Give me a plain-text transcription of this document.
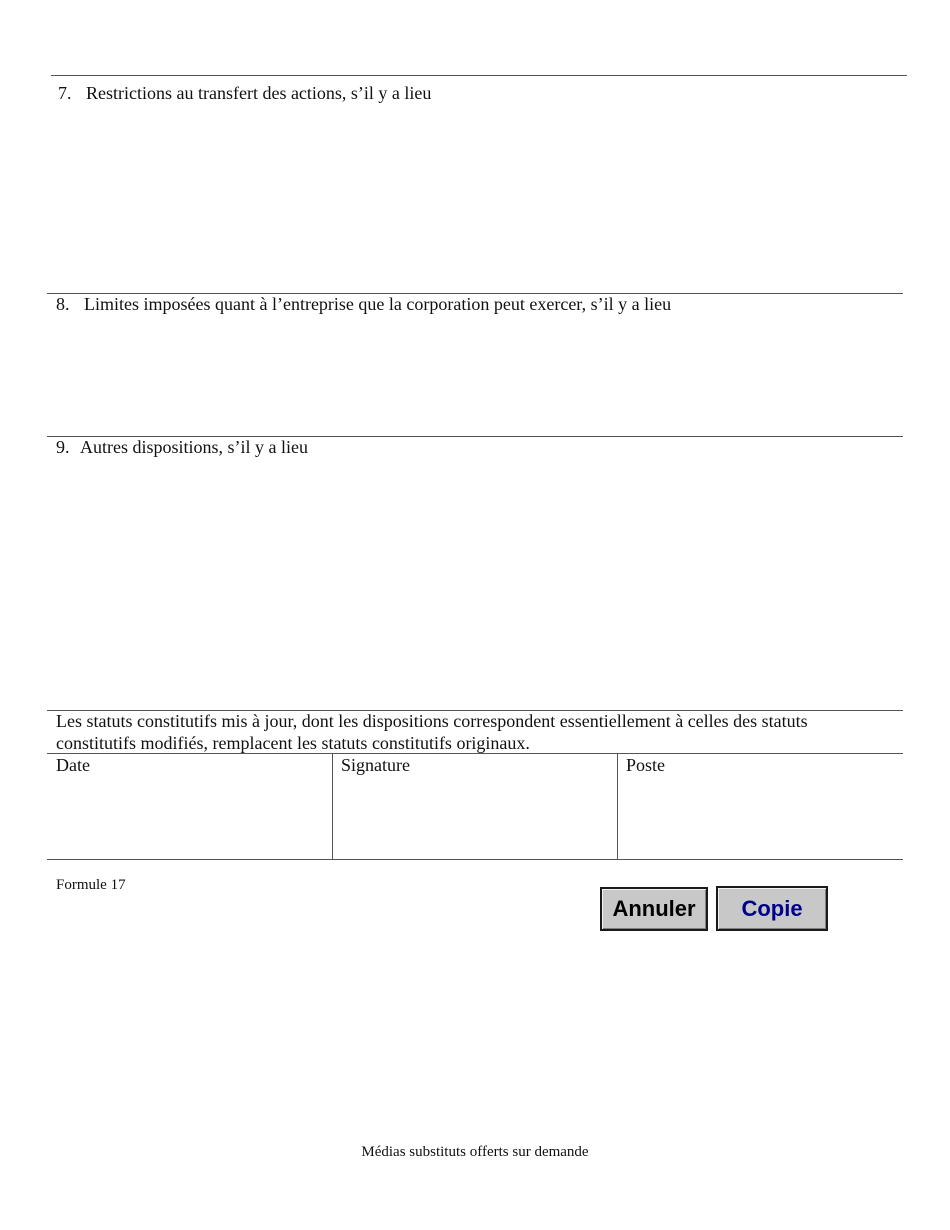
7. Restrictions au transfert des actions, s’il y a lieu
8. Limites imposées quant à l’entreprise que la corporation peut exercer, s’il y a lieu
9. Autres dispositions, s’il y a lieu
Les statuts constitutifs mis à jour, dont les dispositions correspondent essentiellement à celles des statuts
constitutifs modifiés, remplacent les statuts constitutifs originaux.
Date	Signature	Poste
Formule 17
Annuler	Copie
Médias substituts offerts sur demande
